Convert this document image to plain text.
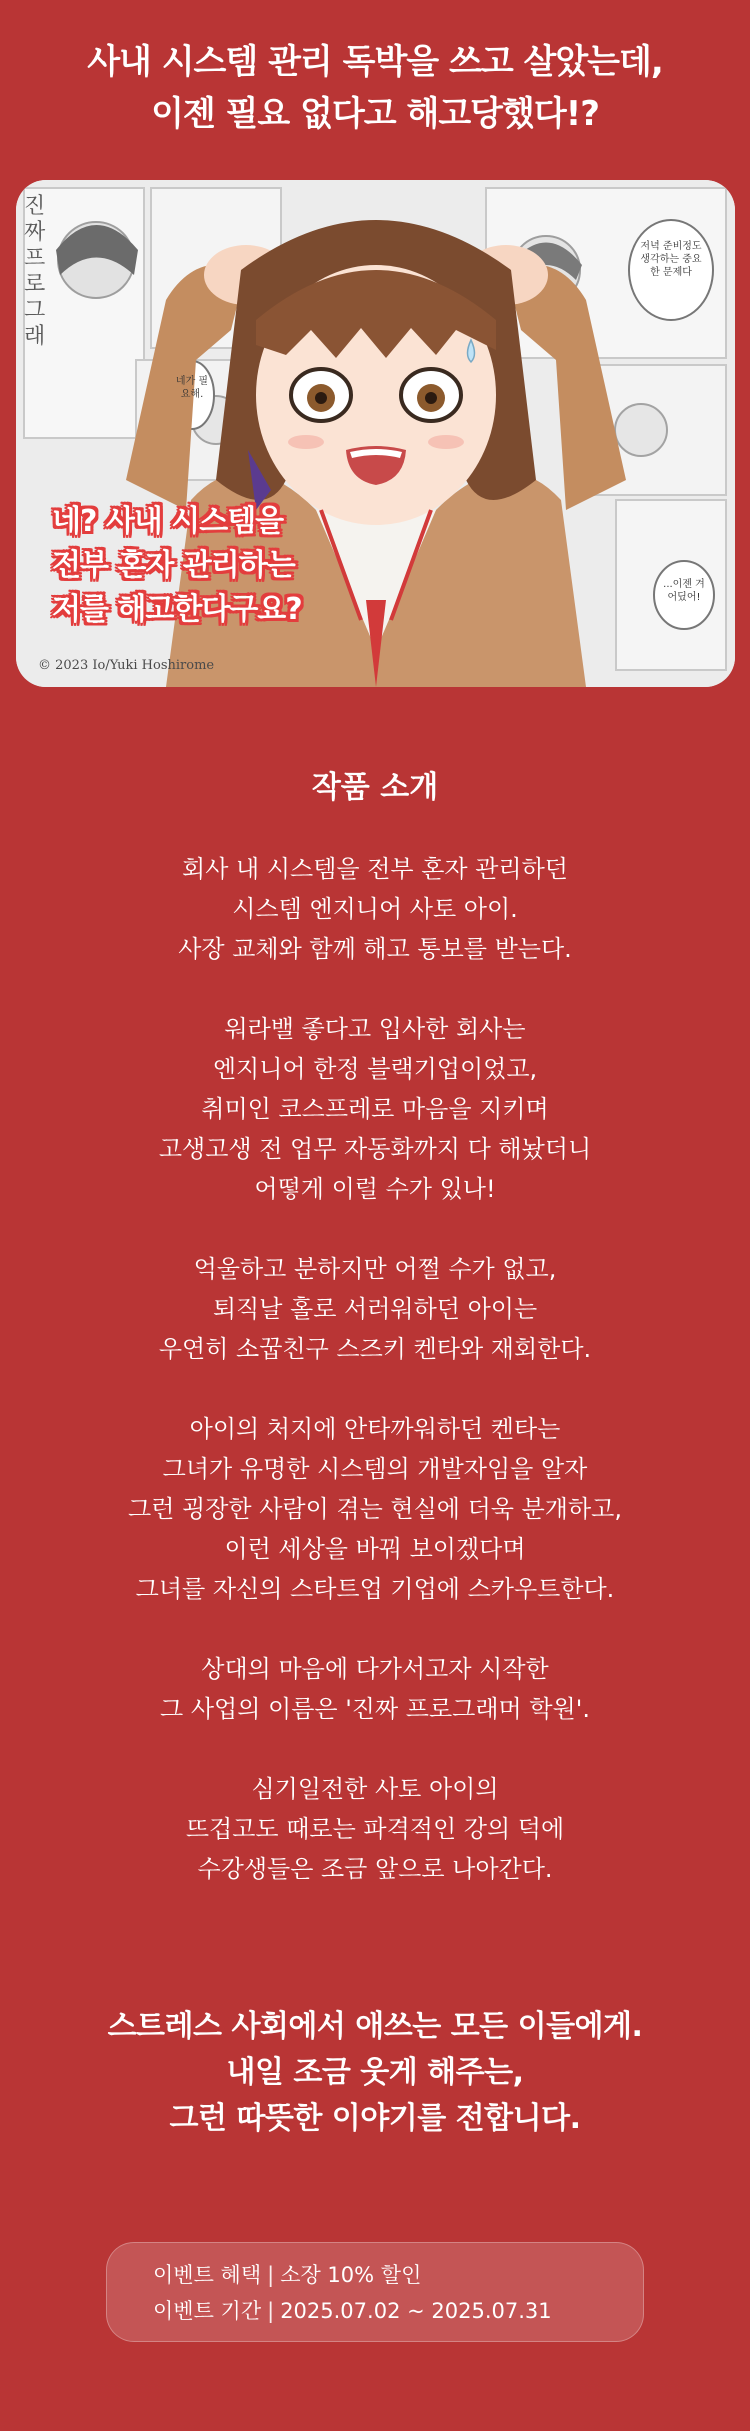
사내 시스템 관리 독박을 쓰고 살았는데,
이젠 필요 없다고 해고당했다!?
진짜 프로그래
네가 필요해.
저녁 준비정도 생각하는 중요한 문제다
...이젠 겨 어딨어!
네? 사내 시스템을
전부 혼자 관리하는
저를 해고한다구요?
© 2023 Io/Yuki Hoshirome
작품 소개
회사 내 시스템을 전부 혼자 관리하던
시스템 엔지니어 사토 아이.
사장 교체와 함께 해고 통보를 받는다.
워라밸 좋다고 입사한 회사는
엔지니어 한정 블랙기업이었고,
취미인 코스프레로 마음을 지키며
고생고생 전 업무 자동화까지 다 해놨더니
어떻게 이럴 수가 있나!
억울하고 분하지만 어쩔 수가 없고,
퇴직날 홀로 서러워하던 아이는
우연히 소꿉친구 스즈키 켄타와 재회한다.
아이의 처지에 안타까워하던 켄타는
그녀가 유명한 시스템의 개발자임을 알자
그런 굉장한 사람이 겪는 현실에 더욱 분개하고,
이런 세상을 바꿔 보이겠다며
그녀를 자신의 스타트업 기업에 스카우트한다.
상대의 마음에 다가서고자 시작한
그 사업의 이름은 '진짜 프로그래머 학원'.
심기일전한 사토 아이의
뜨겁고도 때로는 파격적인 강의 덕에
수강생들은 조금 앞으로 나아간다.
스트레스 사회에서 애쓰는 모든 이들에게.
내일 조금 웃게 해주는,
그런 따뜻한 이야기를 전합니다.
이벤트 혜택 | 소장 10% 할인
이벤트 기간 | 2025.07.02 ~ 2025.07.31
